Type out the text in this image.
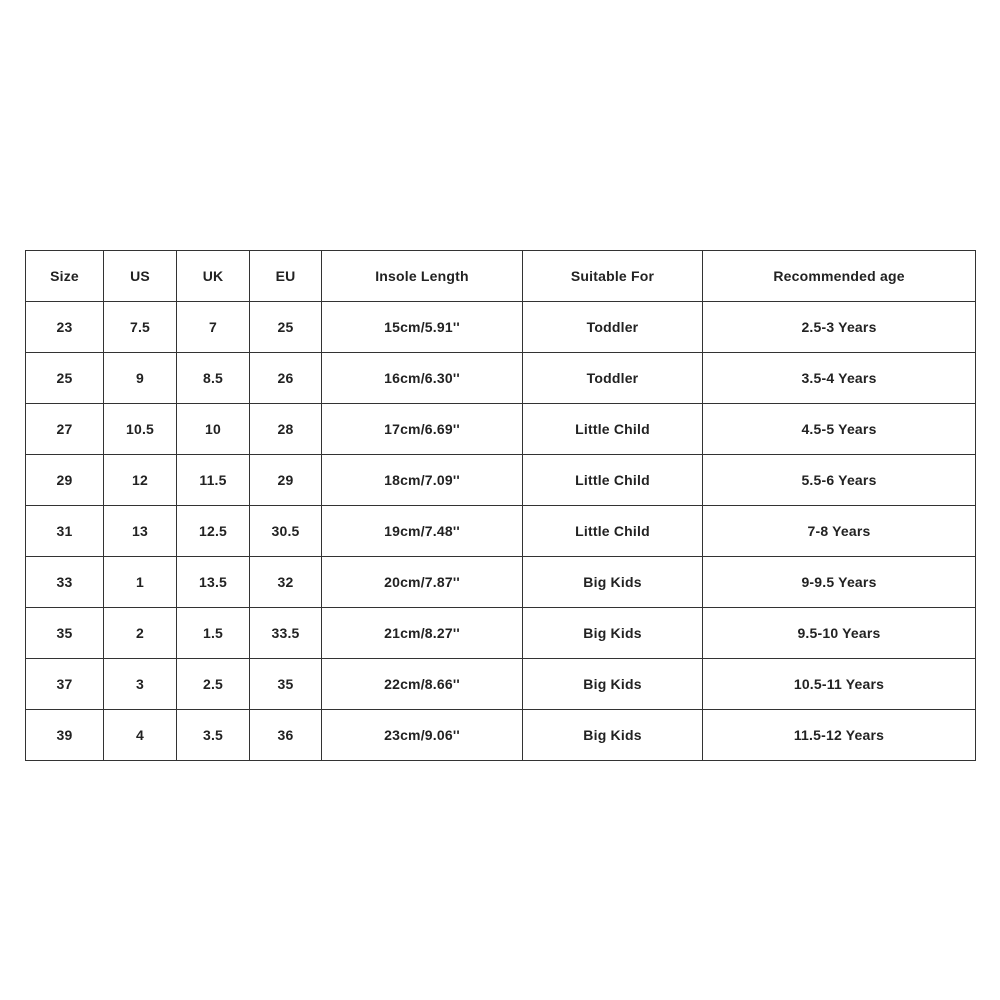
Size	US	UK	EU	Insole Length	Suitable For	Recommended age
23	7.5	7	25	15cm/5.91''	Toddler	2.5-3 Years
25	9	8.5	26	16cm/6.30''	Toddler	3.5-4 Years
27	10.5	10	28	17cm/6.69''	Little Child	4.5-5 Years
29	12	11.5	29	18cm/7.09''	Little Child	5.5-6 Years
31	13	12.5	30.5	19cm/7.48''	Little Child	7-8 Years
33	1	13.5	32	20cm/7.87''	Big Kids	9-9.5 Years
35	2	1.5	33.5	21cm/8.27''	Big Kids	9.5-10 Years
37	3	2.5	35	22cm/8.66''	Big Kids	10.5-11 Years
39	4	3.5	36	23cm/9.06''	Big Kids	11.5-12 Years
